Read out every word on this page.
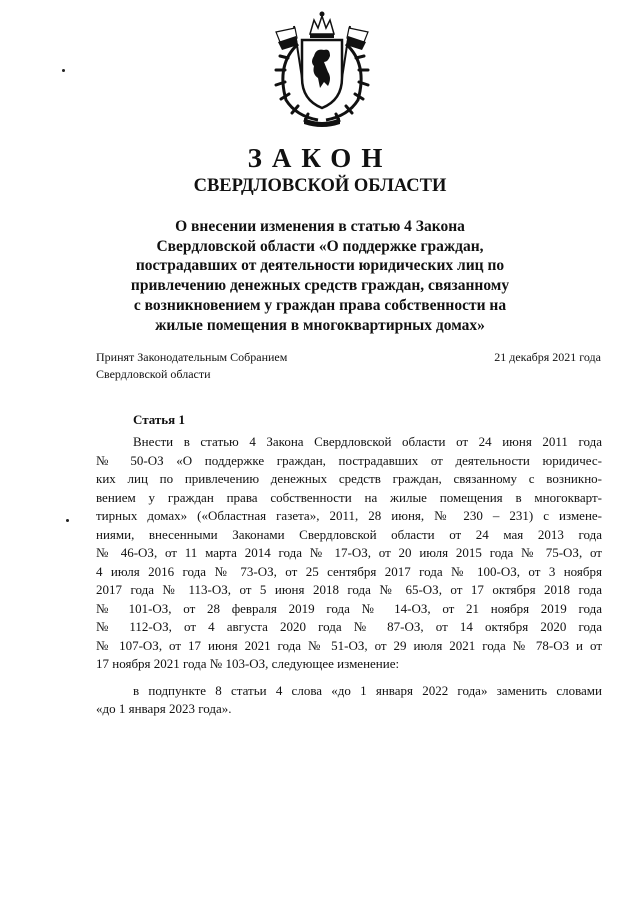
ЗАКОН
СВЕРДЛОВСКОЙ ОБЛАСТИ
О внесении изменения в статью 4 Закона
Свердловской области «О поддержке граждан,
пострадавших от деятельности юридических лиц по
привлечению денежных средств граждан, связанному
с возникновением у граждан права собственности на
жилые помещения в многоквартирных домах»
Принят Законодательным Собранием
Свердловской области
21 декабря 2021 года
Статья 1
Внести в статью 4 Закона Свердловской области от 24 июня 2011 года
№ 50-ОЗ «О поддержке граждан, пострадавших от деятельности юридичес-
ких лиц по привлечению денежных средств граждан, связанному с возникно-
вением у граждан права собственности на жилые помещения в многокварт-
тирных домах» («Областная газета», 2011, 28 июня, № 230 – 231) с измене-
ниями, внесенными Законами Свердловской области от 24 мая 2013 года
№ 46-ОЗ, от 11 марта 2014 года № 17-ОЗ, от 20 июля 2015 года № 75-ОЗ, от
4 июля 2016 года № 73-ОЗ, от 25 сентября 2017 года № 100-ОЗ, от 3 ноября
2017 года № 113-ОЗ, от 5 июня 2018 года № 65-ОЗ, от 17 октября 2018 года
№ 101-ОЗ, от 28 февраля 2019 года № 14-ОЗ, от 21 ноября 2019 года
№ 112-ОЗ, от 4 августа 2020 года № 87-ОЗ, от 14 октября 2020 года
№ 107-ОЗ, от 17 июня 2021 года № 51-ОЗ, от 29 июля 2021 года № 78-ОЗ и от
17 ноября 2021 года № 103-ОЗ, следующее изменение:
в подпункте 8 статьи 4 слова «до 1 января 2022 года» заменить словами
«до 1 января 2023 года».
